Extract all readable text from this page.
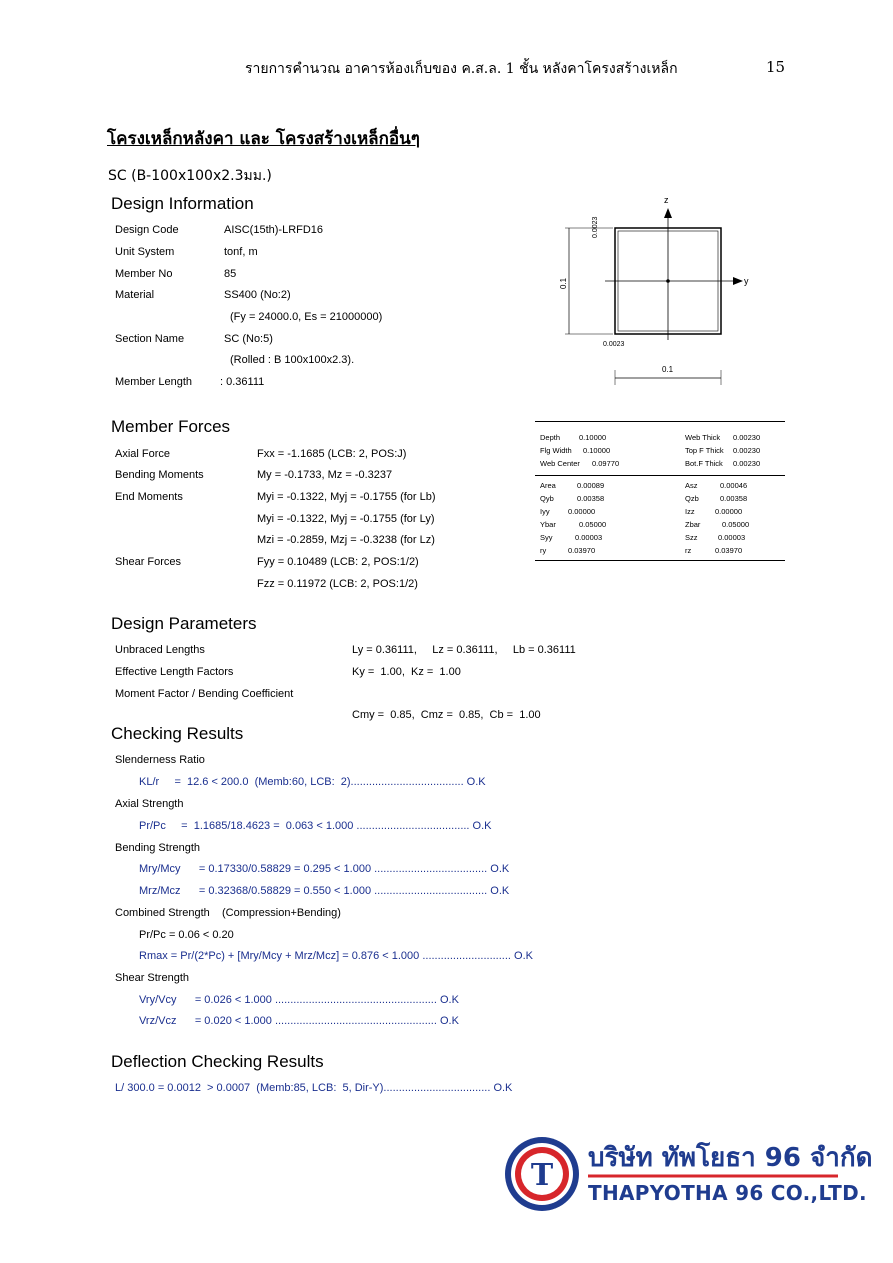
รายการคำนวณ อาคารห้องเก็บของ ค.ส.ล. 1 ชั้น หลังคาโครงสร้างเหล็ก	15
โครงเหล็กหลังคา และ โครงสร้างเหล็กอื่นๆ
SC (B-100x100x2.3มม.)
Design Information
Design Code	AISC(15th)-LRFD16
Unit System	tonf, m
Member No	85
Material	SS400 (No:2)
(Fy = 24000.0, Es = 21000000)
Section Name	SC (No:5)
(Rolled : B 100x100x2.3).
Member Length	: 0.36111
z
y
0.1
0.0023
0.0023
0.1
Member Forces
Axial Force	Fxx = -1.1685 (LCB: 2, POS:J)
Bending Moments	My = -0.1733, Mz = -0.3237
End Moments	Myi = -0.1322, Myj = -0.1755 (for Lb)
Myi = -0.1322, Myj = -0.1755 (for Ly)
Mzi = -0.2859, Mzj = -0.3238 (for Lz)
Shear Forces	Fyy = 0.10489 (LCB: 2, POS:1/2)
Fzz = 0.11972 (LCB: 2, POS:1/2)
Depth	0.10000	Web Thick 0.00230
Flg Width 0.10000	Top F Thick 0.00230
Web Center 0.09770	Bot.F Thick 0.00230
Area	0.00089	Asz	0.00046
Qyb	0.00358	Qzb	0.00358
Iyy 0.00000	Izz	0.00000
Ybar	0.05000	Zbar	0.05000
Syy	0.00003	Szz	0.00003
ry	0.03970	rz	0.03970
Design Parameters
Unbraced Lengths	Ly = 0.36111,     Lz = 0.36111,     Lb = 0.36111
Effective Length Factors	Ky =  1.00,  Kz =  1.00
Moment Factor / Bending Coefficient
Cmy =  0.85,  Cmz =  0.85,  Cb =  1.00
Checking Results
Slenderness Ratio
KL/r     =  12.6 < 200.0  (Memb:60, LCB:  2)..................................... O.K
Axial Strength
Pr/Pc     =  1.1685/18.4623 =  0.063 < 1.000 ..................................... O.K
Bending Strength
Mry/Mcy      = 0.17330/0.58829 = 0.295 < 1.000 ..................................... O.K
Mrz/Mcz      = 0.32368/0.58829 = 0.550 < 1.000 ..................................... O.K
Combined Strength    (Compression+Bending)
Pr/Pc = 0.06 < 0.20
Rmax = Pr/(2*Pc) + [Mry/Mcy + Mrz/Mcz] = 0.876 < 1.000 ............................. O.K
Shear Strength
Vry/Vcy      = 0.026 < 1.000 ..................................................... O.K
Vrz/Vcz      = 0.020 < 1.000 ..................................................... O.K
Deflection Checking Results
L/ 300.0 = 0.0012  > 0.0007  (Memb:85, LCB:  5, Dir-Y)................................... O.K
T บริษัท ทัพโยธา 96 จำกัด
THAPYOTHA 96 CO.,LTD.
